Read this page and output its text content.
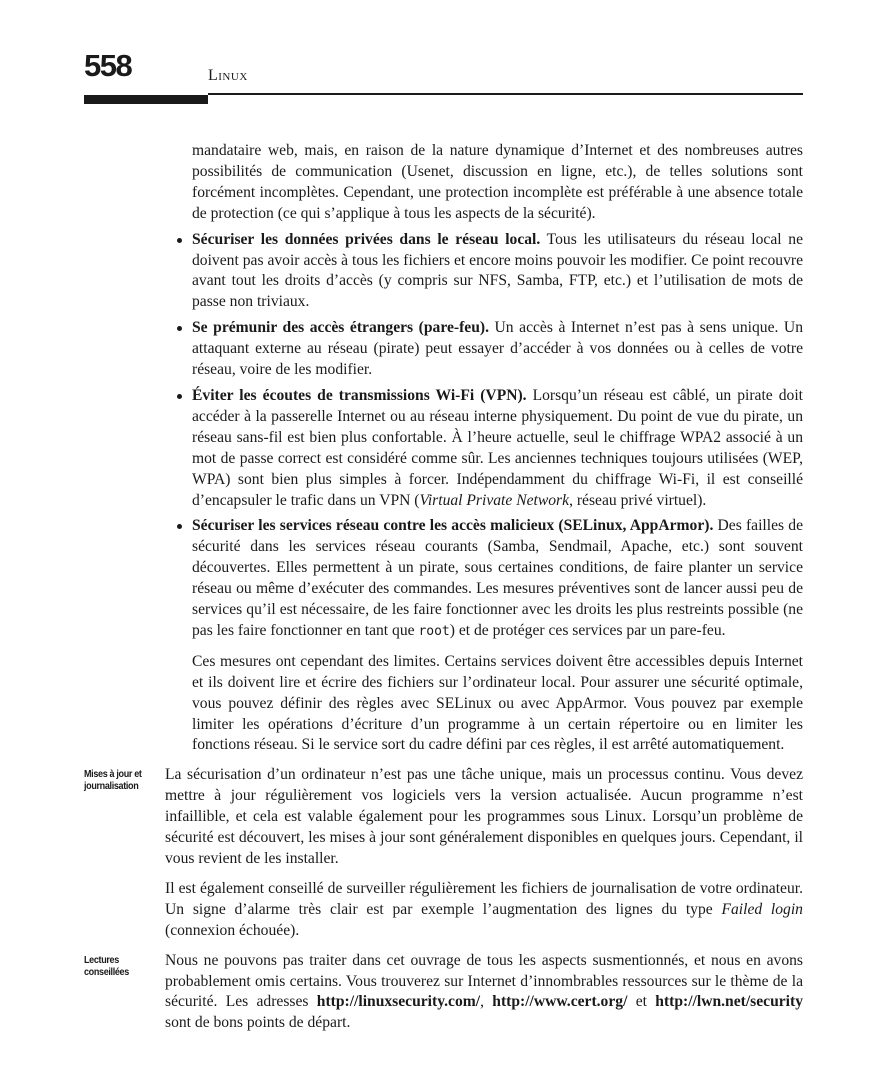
558	Linux

mandataire web, mais, en raison de la nature dynamique d’Internet et des nombreuses autres possibilités de communication (Usenet, discussion en ligne, etc.), de telles solutions sont forcément incomplètes. Cependant, une protection incomplète est préférable à une absence totale de protection (ce qui s’applique à tous les aspects de la sécurité).

Sécuriser les données privées dans le réseau local. Tous les utilisateurs du réseau local ne doivent pas avoir accès à tous les fichiers et encore moins pouvoir les modifier. Ce point recouvre avant tout les droits d’accès (y compris sur NFS, Samba, FTP, etc.) et l’utilisation de mots de passe non triviaux.

Se prémunir des accès étrangers (pare-feu). Un accès à Internet n’est pas à sens unique. Un attaquant externe au réseau (pirate) peut essayer d’accéder à vos données ou à celles de votre réseau, voire de les modifier.

Éviter les écoutes de transmissions Wi-Fi (VPN). Lorsqu’un réseau est câblé, un pirate doit accéder à la passerelle Internet ou au réseau interne physiquement. Du point de vue du pirate, un réseau sans-fil est bien plus confortable. À l’heure actuelle, seul le chiffrage WPA2 associé à un mot de passe correct est considéré comme sûr. Les anciennes techniques toujours utilisées (WEP, WPA) sont bien plus simples à forcer. Indépendamment du chiffrage Wi-Fi, il est conseillé d’encapsuler le trafic dans un VPN (Virtual Private Network, réseau privé virtuel).

Sécuriser les services réseau contre les accès malicieux (SELinux, AppArmor). Des failles de sécurité dans les services réseau courants (Samba, Sendmail, Apache, etc.) sont souvent découvertes. Elles permettent à un pirate, sous certaines conditions, de faire planter un service réseau ou même d’exécuter des commandes. Les mesures préventives sont de lancer aussi peu de services qu’il est nécessaire, de les faire fonctionner avec les droits les plus restreints possible (ne pas les faire fonctionner en tant que root) et de protéger ces services par un pare-feu.

Ces mesures ont cependant des limites. Certains services doivent être accessibles depuis Internet et ils doivent lire et écrire des fichiers sur l’ordinateur local. Pour assurer une sécurité optimale, vous pouvez définir des règles avec SELinux ou avec AppArmor. Vous pouvez par exemple limiter les opérations d’écriture d’un programme à un certain répertoire ou en limiter les fonctions réseau. Si le service sort du cadre défini par ces règles, il est arrêté automatiquement.

Mises à jour et journalisation

La sécurisation d’un ordinateur n’est pas une tâche unique, mais un processus continu. Vous devez mettre à jour régulièrement vos logiciels vers la version actualisée. Aucun programme n’est infaillible, et cela est valable également pour les programmes sous Linux. Lorsqu’un problème de sécurité est découvert, les mises à jour sont généralement disponibles en quelques jours. Cependant, il vous revient de les installer.

Il est également conseillé de surveiller régulièrement les fichiers de journalisation de votre ordinateur. Un signe d’alarme très clair est par exemple l’augmentation des lignes du type Failed login (connexion échouée).

Lectures conseillées

Nous ne pouvons pas traiter dans cet ouvrage de tous les aspects susmentionnés, et nous en avons probablement omis certains. Vous trouverez sur Internet d’innombrables ressources sur le thème de la sécurité. Les adresses http://linuxsecurity.com/, http://www.cert.org/ et http://lwn.net/security sont de bons points de départ.
